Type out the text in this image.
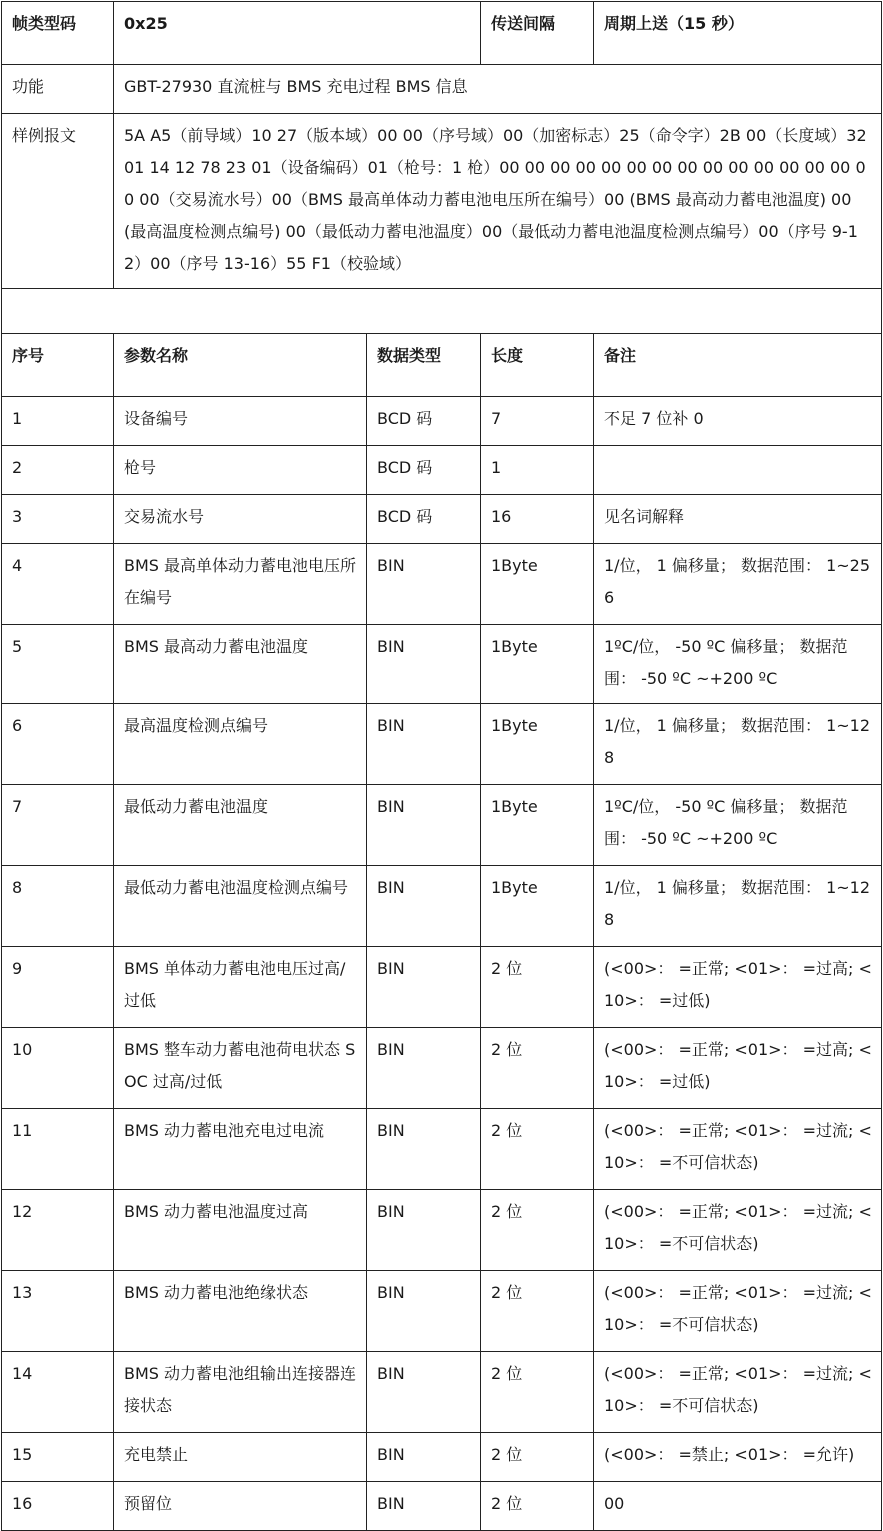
帧类型码	0x25		传送间隔	周期上送（15 秒）
功能	GBT-27930 直流桩与 BMS 充电过程 BMS 信息			
样例报文	5A A5（前导域）10 27（版本域）00 00（序号域）00（加密标志）25（命令字）2B 00（长度域）32 01 14 12 78 23 01（设备编码）01（枪号：1 枪）00 00 00 00 00 00 00 00 00 00 00 00 00 00 00 00（交易流水号）00（BMS 最高单体动力蓄电池电压所在编号）00 (BMS 最高动力蓄电池温度) 00 (最高温度检测点编号) 00（最低动力蓄电池温度）00（最低动力蓄电池温度检测点编号）00（序号 9-12）00（序号 13-16）55 F1（校验域）			

序号	参数名称	数据类型	长度	备注
1	设备编号	BCD 码	7	不足 7 位补 0
2	枪号	BCD 码	1	
3	交易流水号	BCD 码	16	见名词解释
4	BMS 最高单体动力蓄电池电压所在编号	BIN	1Byte	1/位， 1 偏移量； 数据范围： 1~256
5	BMS 最高动力蓄电池温度	BIN	1Byte	1ºC/位， -50 ºC 偏移量； 数据范围： -50 ºC ~+200 ºC
6	最高温度检测点编号	BIN	1Byte	1/位， 1 偏移量； 数据范围： 1~128
7	最低动力蓄电池温度	BIN	1Byte	1ºC/位， -50 ºC 偏移量； 数据范围： -50 ºC ~+200 ºC
8	最低动力蓄电池温度检测点编号	BIN	1Byte	1/位， 1 偏移量； 数据范围： 1~128
9	BMS 单体动力蓄电池电压过高/过低	BIN	2 位	(<00>： =正常; <01>： =过高; <10>： =过低)
10	BMS 整车动力蓄电池荷电状态 SOC 过高/过低	BIN	2 位	(<00>： =正常; <01>： =过高; <10>： =过低)
11	BMS 动力蓄电池充电过电流	BIN	2 位	(<00>： =正常; <01>： =过流; <10>： =不可信状态)
12	BMS 动力蓄电池温度过高	BIN	2 位	(<00>： =正常; <01>： =过流; <10>： =不可信状态)
13	BMS 动力蓄电池绝缘状态	BIN	2 位	(<00>： =正常; <01>： =过流; <10>： =不可信状态)
14	BMS 动力蓄电池组输出连接器连接状态	BIN	2 位	(<00>： =正常; <01>： =过流; <10>： =不可信状态)
15	充电禁止	BIN	2 位	(<00>： =禁止; <01>： =允许)
16	预留位	BIN	2 位	00
